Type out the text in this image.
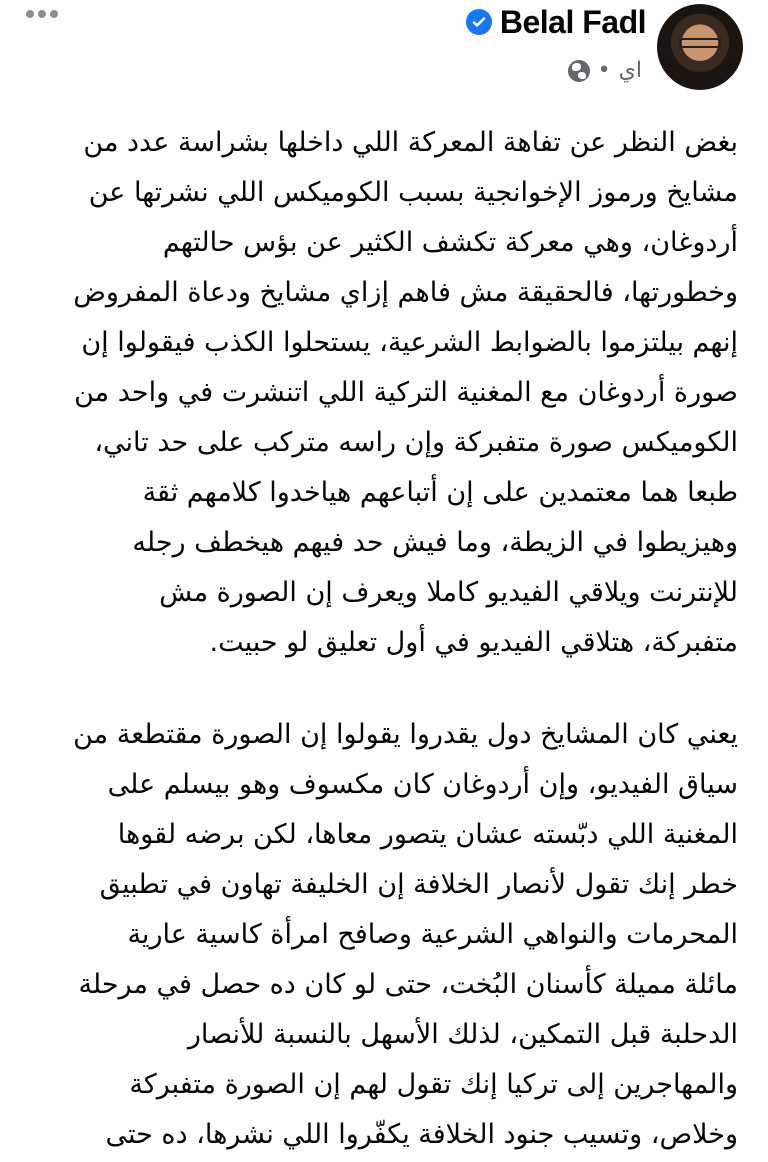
Belal Fadl
اي
•
بغض النظر عن تفاهة المعركة اللي داخلها بشراسة عدد من
مشايخ ورموز الإخوانجية بسبب الكوميكس اللي نشرتها عن
أردوغان، وهي معركة تكشف الكثير عن بؤس حالتهم
وخطورتها، فالحقيقة مش فاهم إزاي مشايخ ودعاة المفروض
إنهم بيلتزموا بالضوابط الشرعية، يستحلوا الكذب فيقولوا إن
صورة أردوغان مع المغنية التركية اللي اتنشرت في واحد من
الكوميكس صورة متفبركة وإن راسه متركب على حد تاني،
طبعا هما معتمدين على إن أتباعهم هياخدوا كلامهم ثقة
وهيزيطوا في الزيطة، وما فيش حد فيهم هيخطف رجله
للإنترنت ويلاقي الفيديو كاملا ويعرف إن الصورة مش
متفبركة، هتلاقي الفيديو في أول تعليق لو حبيت.
يعني كان المشايخ دول يقدروا يقولوا إن الصورة مقتطعة من
سياق الفيديو، وإن أردوغان كان مكسوف وهو بيسلم على
المغنية اللي دبّسته عشان يتصور معاها، لكن برضه لقوها
خطر إنك تقول لأنصار الخلافة إن الخليفة تهاون في تطبيق
المحرمات والنواهي الشرعية وصافح امرأة كاسية عارية
مائلة مميلة كأسنان البُخت، حتى لو كان ده حصل في مرحلة
الدحلبة قبل التمكين، لذلك الأسهل بالنسبة للأنصار
والمهاجرين إلى تركيا إنك تقول لهم إن الصورة متفبركة
وخلاص، وتسيب جنود الخلافة يكفّروا اللي نشرها، ده حتى
